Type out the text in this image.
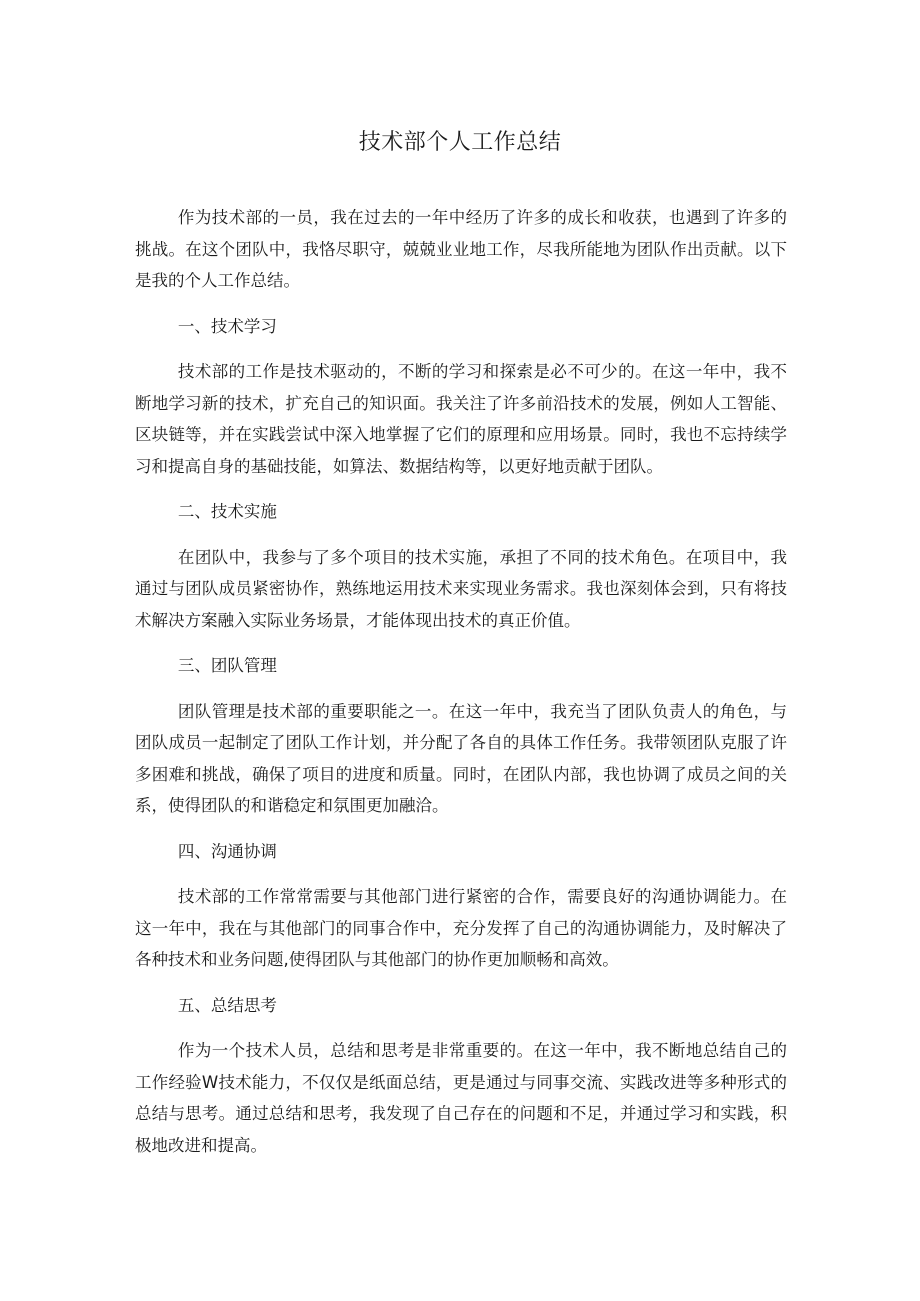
技术部个人工作总结

作为技术部的一员，我在过去的一年中经历了许多的成长和收获，也遇到了许多的挑战。在这个团队中，我恪尽职守，兢兢业业地工作，尽我所能地为团队作出贡献。以下是我的个人工作总结。

一、技术学习

技术部的工作是技术驱动的，不断的学习和探索是必不可少的。在这一年中，我不断地学习新的技术，扩充自己的知识面。我关注了许多前沿技术的发展，例如人工智能、区块链等，并在实践尝试中深入地掌握了它们的原理和应用场景。同时，我也不忘持续学习和提高自身的基础技能，如算法、数据结构等，以更好地贡献于团队。

二、技术实施

在团队中，我参与了多个项目的技术实施，承担了不同的技术角色。在项目中，我通过与团队成员紧密协作，熟练地运用技术来实现业务需求。我也深刻体会到，只有将技术解决方案融入实际业务场景，才能体现出技术的真正价值。

三、团队管理

团队管理是技术部的重要职能之一。在这一年中，我充当了团队负责人的角色，与团队成员一起制定了团队工作计划，并分配了各自的具体工作任务。我带领团队克服了许多困难和挑战，确保了项目的进度和质量。同时，在团队内部，我也协调了成员之间的关系，使得团队的和谐稳定和氛围更加融洽。

四、沟通协调

技术部的工作常常需要与其他部门进行紧密的合作，需要良好的沟通协调能力。在这一年中，我在与其他部门的同事合作中，充分发挥了自己的沟通协调能力，及时解决了各种技术和业务问题,使得团队与其他部门的协作更加顺畅和高效。

五、总结思考

作为一个技术人员，总结和思考是非常重要的。在这一年中，我不断地总结自己的工作经验W技术能力，不仅仅是纸面总结，更是通过与同事交流、实践改进等多种形式的总结与思考。通过总结和思考，我发现了自己存在的问题和不足，并通过学习和实践，积极地改进和提高。
